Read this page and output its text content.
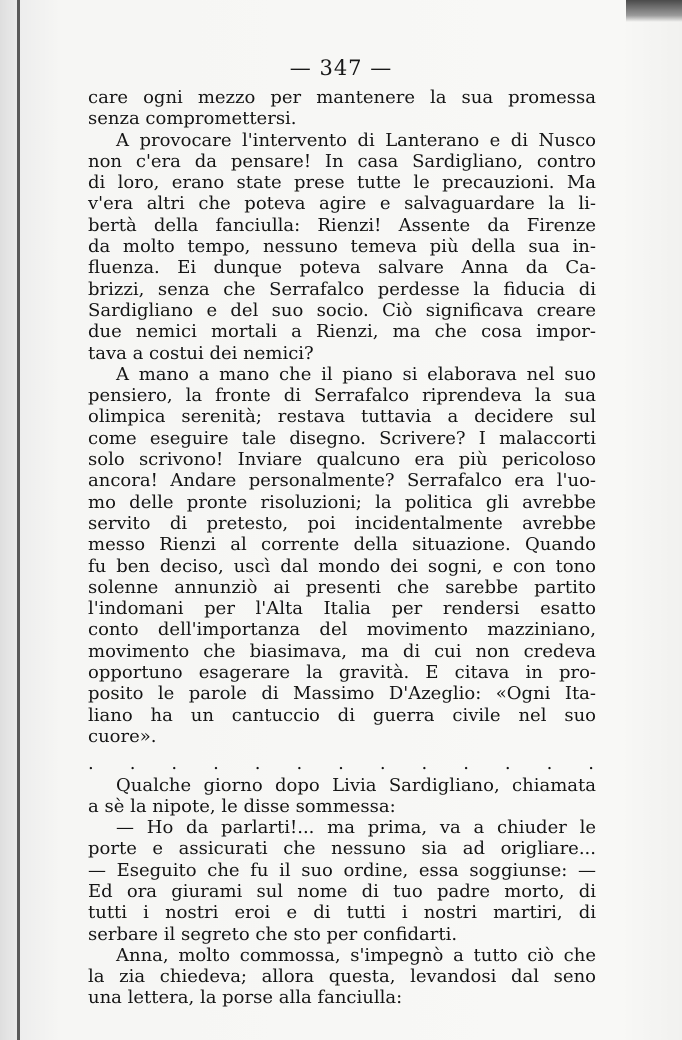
— 347 —
care ogni mezzo per mantenere la sua promessa
senza compromettersi.
A provocare l'intervento di Lanterano e di Nusco
non c'era da pensare! In casa Sardigliano, contro
di loro, erano state prese tutte le precauzioni. Ma
v'era altri che poteva agire e salvaguardare la li-
bertà della fanciulla: Rienzi! Assente da Firenze
da molto tempo, nessuno temeva più della sua in-
fluenza. Ei dunque poteva salvare Anna da Ca-
brizzi, senza che Serrafalco perdesse la fiducia di
Sardigliano e del suo socio. Ciò significava creare
due nemici mortali a Rienzi, ma che cosa impor-
tava a costui dei nemici?
A mano a mano che il piano si elaborava nel suo
pensiero, la fronte di Serrafalco riprendeva la sua
olimpica serenità; restava tuttavia a decidere sul
come eseguire tale disegno. Scrivere? I malaccorti
solo scrivono! Inviare qualcuno era più pericoloso
ancora! Andare personalmente? Serrafalco era l'uo-
mo delle pronte risoluzioni; la politica gli avrebbe
servito di pretesto, poi incidentalmente avrebbe
messo Rienzi al corrente della situazione. Quando
fu ben deciso, uscì dal mondo dei sogni, e con tono
solenne annunziò ai presenti che sarebbe partito
l'indomani per l'Alta Italia per rendersi esatto
conto dell'importanza del movimento mazziniano,
movimento che biasimava, ma di cui non credeva
opportuno esagerare la gravità. E citava in pro-
posito le parole di Massimo D'Azeglio: «Ogni Ita-
liano ha un cantuccio di guerra civile nel suo
cuore».
. . . . . . . . . . . . .
Qualche giorno dopo Livia Sardigliano, chiamata
a sè la nipote, le disse sommessa:
— Ho da parlarti!... ma prima, va a chiuder le
porte e assicurati che nessuno sia ad origliare...
— Eseguito che fu il suo ordine, essa soggiunse: —
Ed ora giurami sul nome di tuo padre morto, di
tutti i nostri eroi e di tutti i nostri martiri, di
serbare il segreto che sto per confidarti.
Anna, molto commossa, s'impegnò a tutto ciò che
la zia chiedeva; allora questa, levandosi dal seno
una lettera, la porse alla fanciulla:
